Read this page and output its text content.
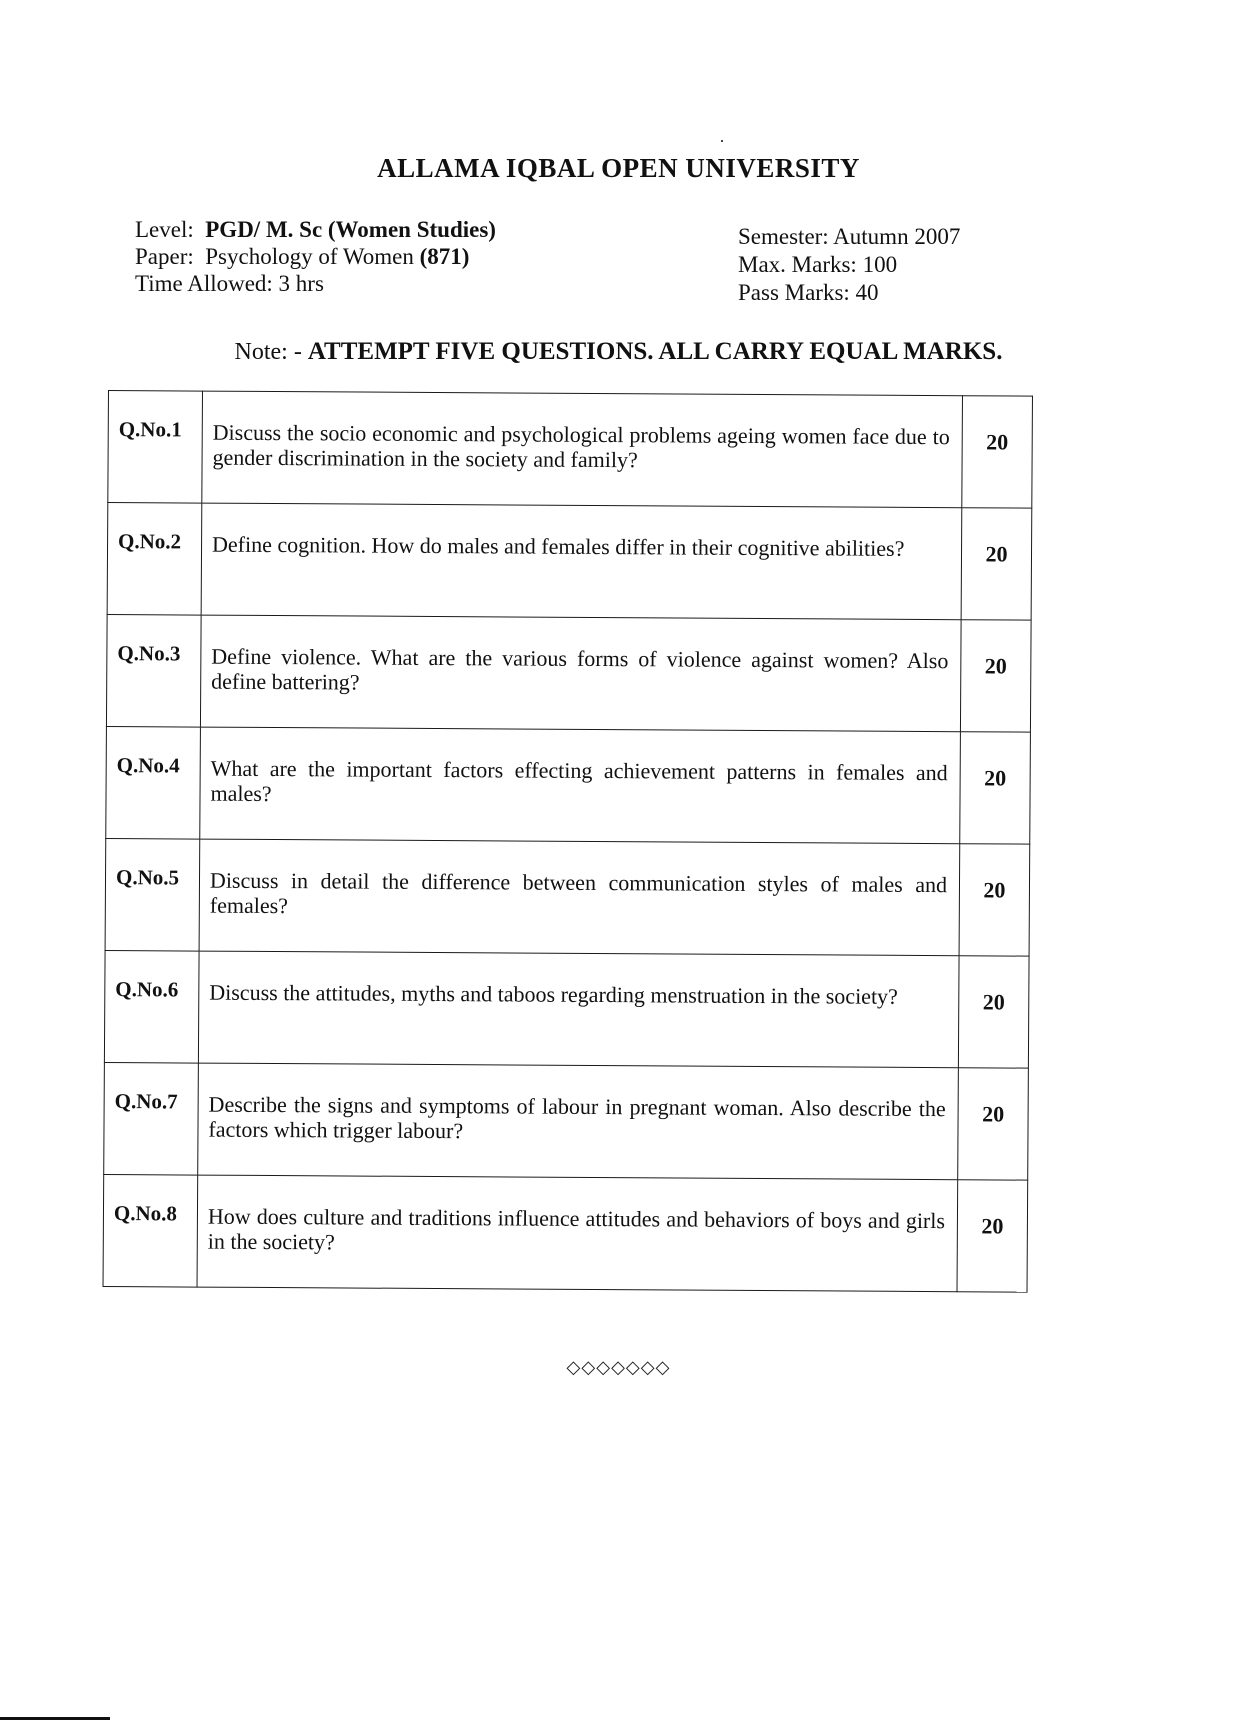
ALLAMA IQBAL OPEN UNIVERSITY
Level: PGD/ M. Sc (Women Studies)
Paper: Psychology of Women (871)
Time Allowed: 3 hrs
Semester: Autumn 2007
Max. Marks: 100
Pass Marks: 40
Note: - ATTEMPT FIVE QUESTIONS. ALL CARRY EQUAL MARKS.
Q.No.1	Discuss the socio economic and psychological problems ageing women face due to gender discrimination in the society and family?	20
Q.No.2	Define cognition. How do males and females differ in their cognitive abilities?	20
Q.No.3	Define violence. What are the various forms of violence against women? Also define battering?	20
Q.No.4	What are the important factors effecting achievement patterns in females and males?	20
Q.No.5	Discuss in detail the difference between communication styles of males and females?	20
Q.No.6	Discuss the attitudes, myths and taboos regarding menstruation in the society?	20
Q.No.7	Describe the signs and symptoms of labour in pregnant woman. Also describe the factors which trigger labour?	20
Q.No.8	How does culture and traditions influence attitudes and behaviors of boys and girls in the society?	20
◇◇◇◇◇◇◇
